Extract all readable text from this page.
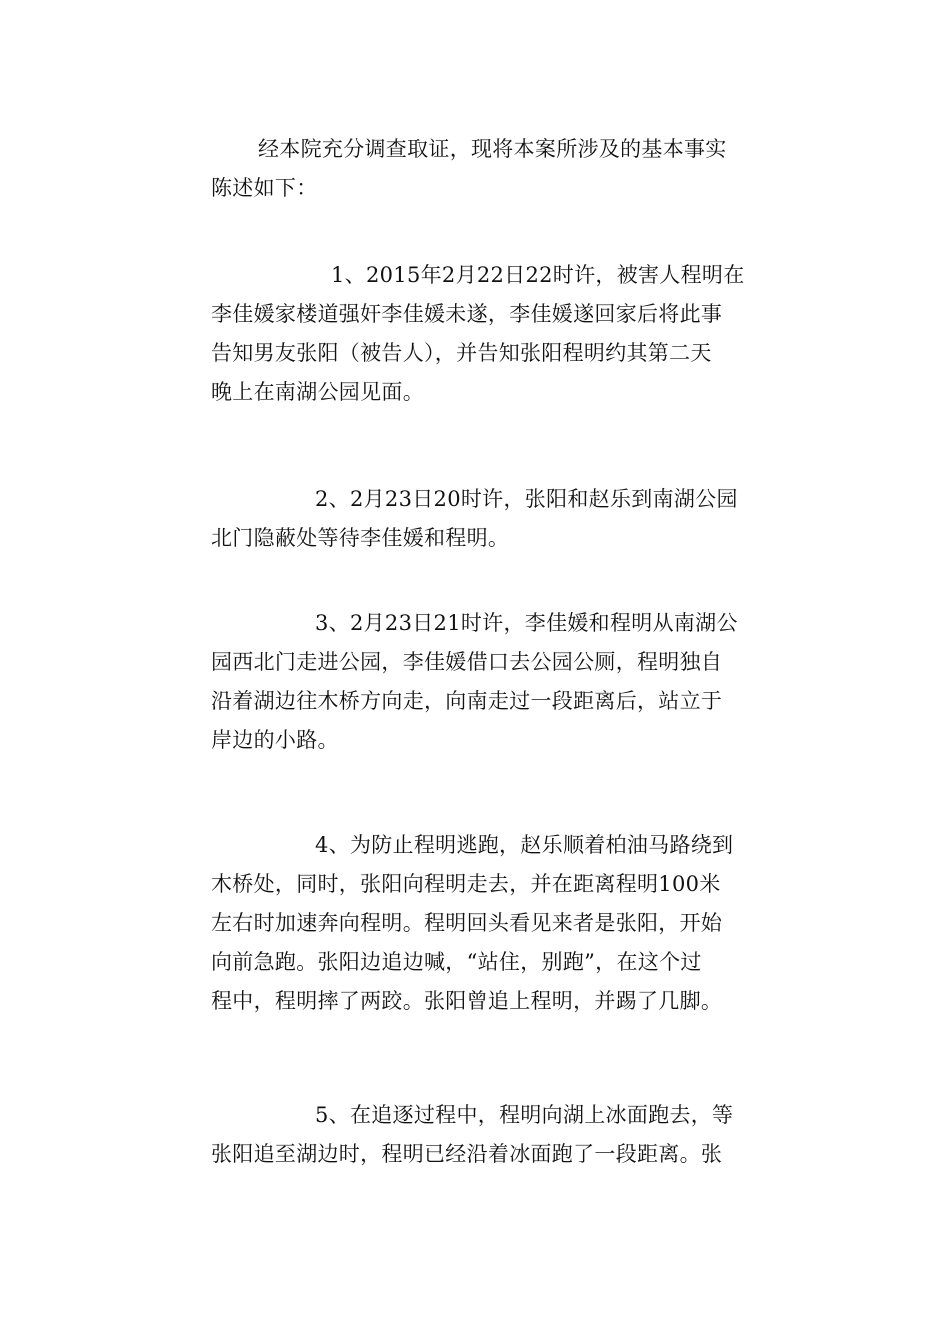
经本院充分调查取证，现将本案所涉及的基本事实
陈述如下：
1、2015年2月22日22时许，被害人程明在
李佳媛家楼道强奸李佳媛未遂，李佳媛遂回家后将此事
告知男友张阳（被告人），并告知张阳程明约其第二天
晚上在南湖公园见面。
2、2月23日20时许，张阳和赵乐到南湖公园
北门隐蔽处等待李佳媛和程明。
3、2月23日21时许，李佳媛和程明从南湖公
园西北门走进公园，李佳媛借口去公园公厕，程明独自
沿着湖边往木桥方向走，向南走过一段距离后，站立于
岸边的小路。
4、为防止程明逃跑，赵乐顺着柏油马路绕到
木桥处，同时，张阳向程明走去，并在距离程明100米
左右时加速奔向程明。程明回头看见来者是张阳，开始
向前急跑。张阳边追边喊，“站住，别跑”，在这个过
程中，程明摔了两跤。张阳曾追上程明，并踢了几脚。
5、在追逐过程中，程明向湖上冰面跑去，等
张阳追至湖边时，程明已经沿着冰面跑了一段距离。张
